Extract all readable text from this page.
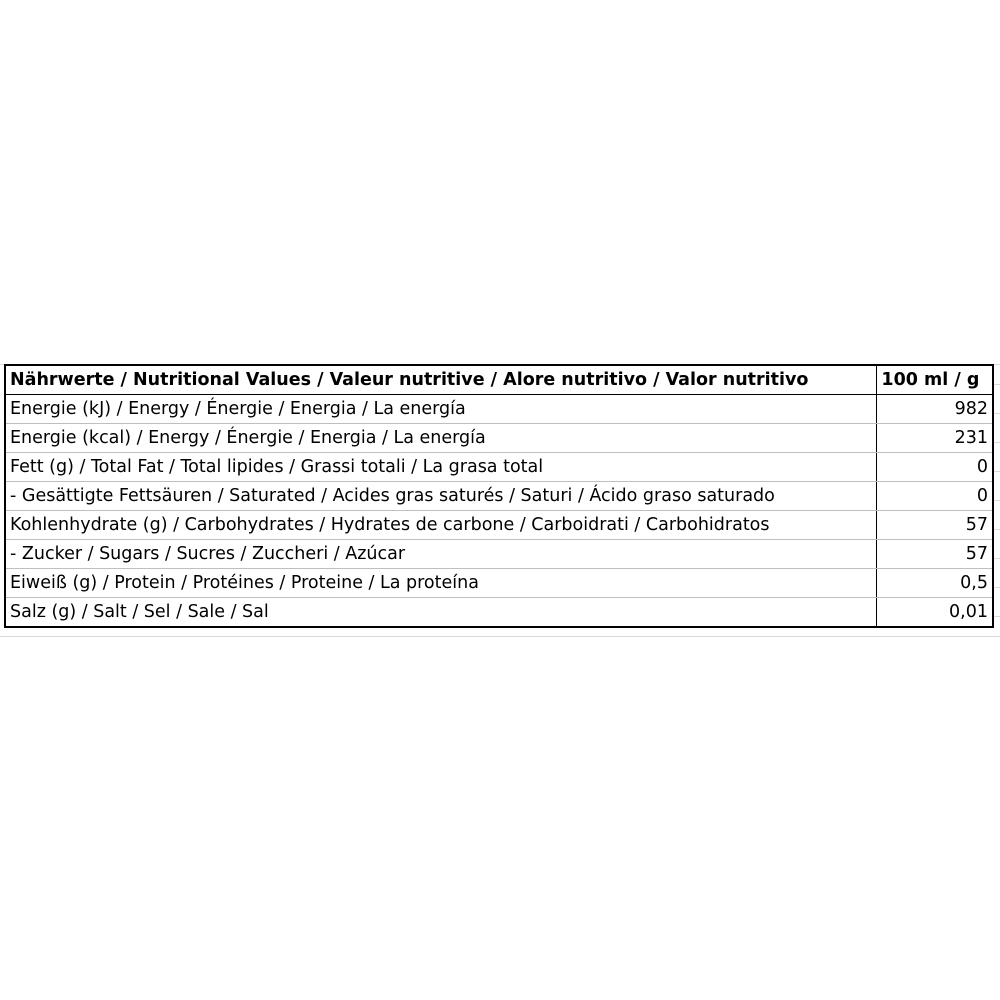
Nährwerte / Nutritional Values / Valeur nutritive / Alore nutritivo / Valor nutritivo	100 ml / g
Energie (kJ) / Energy / Énergie / Energia / La energía	982
Energie (kcal) / Energy / Énergie / Energia / La energía	231
Fett (g) / Total Fat / Total lipides / Grassi totali / La grasa total	0
- Gesättigte Fettsäuren / Saturated / Acides gras saturés / Saturi / Ácido graso saturado	0
Kohlenhydrate (g) / Carbohydrates / Hydrates de carbone / Carboidrati / Carbohidratos	57
- Zucker / Sugars / Sucres / Zuccheri / Azúcar	57
Eiweiß (g) / Protein / Protéines / Proteine / La proteína	0,5
Salz (g) / Salt / Sel / Sale / Sal	0,01
